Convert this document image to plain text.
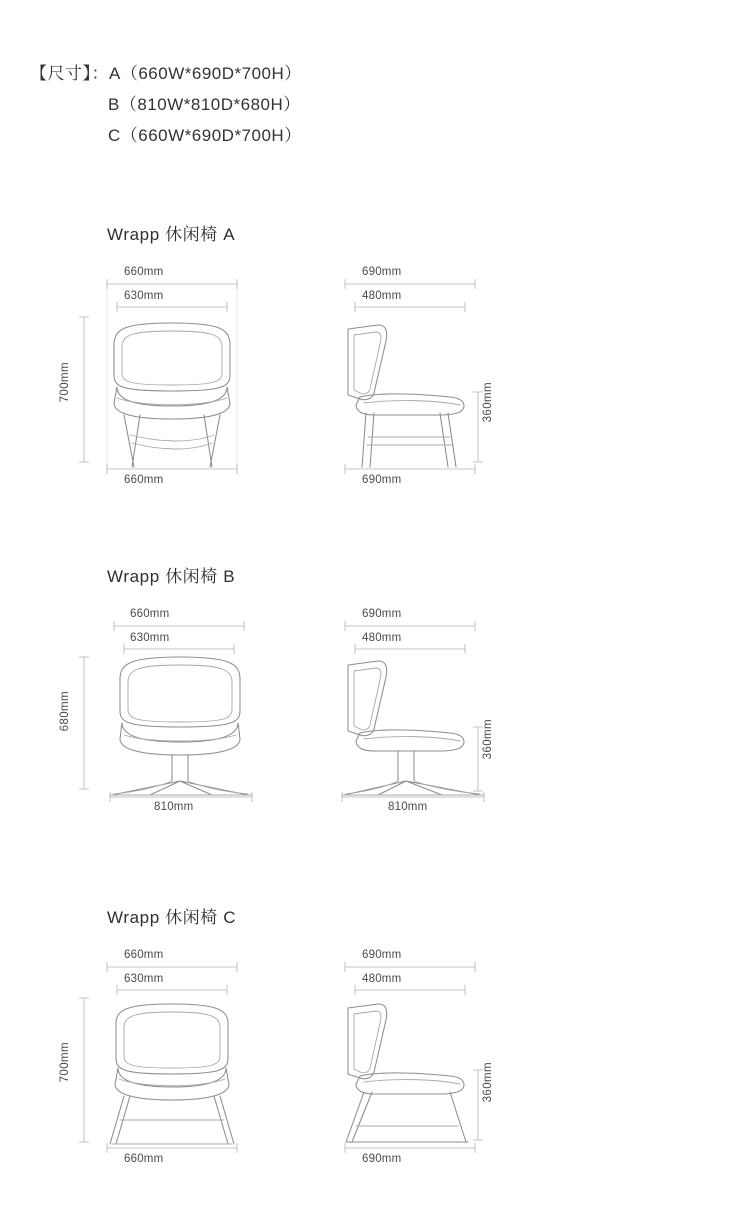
【尺寸】：A（660W*690D*700H）
B（810W*810D*680H）
C（660W*690D*700H）
Wrapp 休闲椅 A
660mm
630mm
660mm
700mm
690mm
480mm
690mm
360mm
Wrapp 休闲椅 B
660mm
630mm
810mm
680mm
690mm
480mm
810mm
360mm
Wrapp 休闲椅 C
660mm
630mm
660mm
700mm
690mm
480mm
690mm
360mm
